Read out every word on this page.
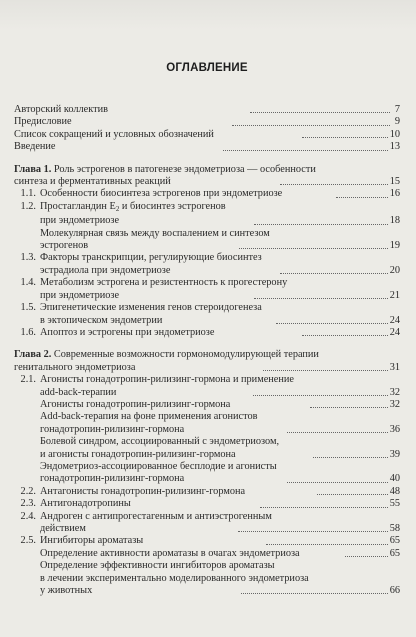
ОГЛАВЛЕНИЕ
Авторский коллектив	7
Предисловие	9
Список сокращений и условных обозначений	10
Введение	13
Глава 1. Роль эстрогенов в патогенезе эндометриоза — особенности
синтеза и ферментативных реакций	15
1.1. Особенности биосинтеза эстрогенов при эндометриозе	16
1.2. Простагландин $E_2$ и биосинтез эстрогенов
при эндометриозе	18
Молекулярная связь между воспалением и синтезом
эстрогенов	19
1.3. Факторы транскрипции, регулирующие биосинтез
эстрадиола при эндометриозе	20
1.4. Метаболизм эстрогена и резистентность к прогестерону
при эндометриозе	21
1.5. Эпигенетические изменения генов стероидогенеза
в эктопическом эндометрии	24
1.6. Апоптоз и эстрогены при эндометриозе	24
Глава 2. Современные возможности гормономодулирующей терапии
генитального эндометриоза	31
2.1. Агонисты гонадотропин-рилизинг-гормона и применение
add-back-терапии	32
Агонисты гонадотропин-рилизинг-гормона	32
Add-back-терапия на фоне применения агонистов
гонадотропин-рилизинг-гормона	36
Болевой синдром, ассоциированный с эндометриозом,
и агонисты гонадотропин-рилизинг-гормона	39
Эндометриоз-ассоциированное бесплодие и агонисты
гонадотропин-рилизинг-гормона	40
2.2. Антагонисты гонадотропин-рилизинг-гормона	48
2.3. Антигонадотропины	55
2.4. Андроген с антипрогестагенным и антиэстрогенным
действием	58
2.5. Ингибиторы ароматазы	65
Определение активности ароматазы в очагах эндометриоза	65
Определение эффективности ингибиторов ароматазы
в лечении экспериментально моделированного эндометриоза
у животных	66
